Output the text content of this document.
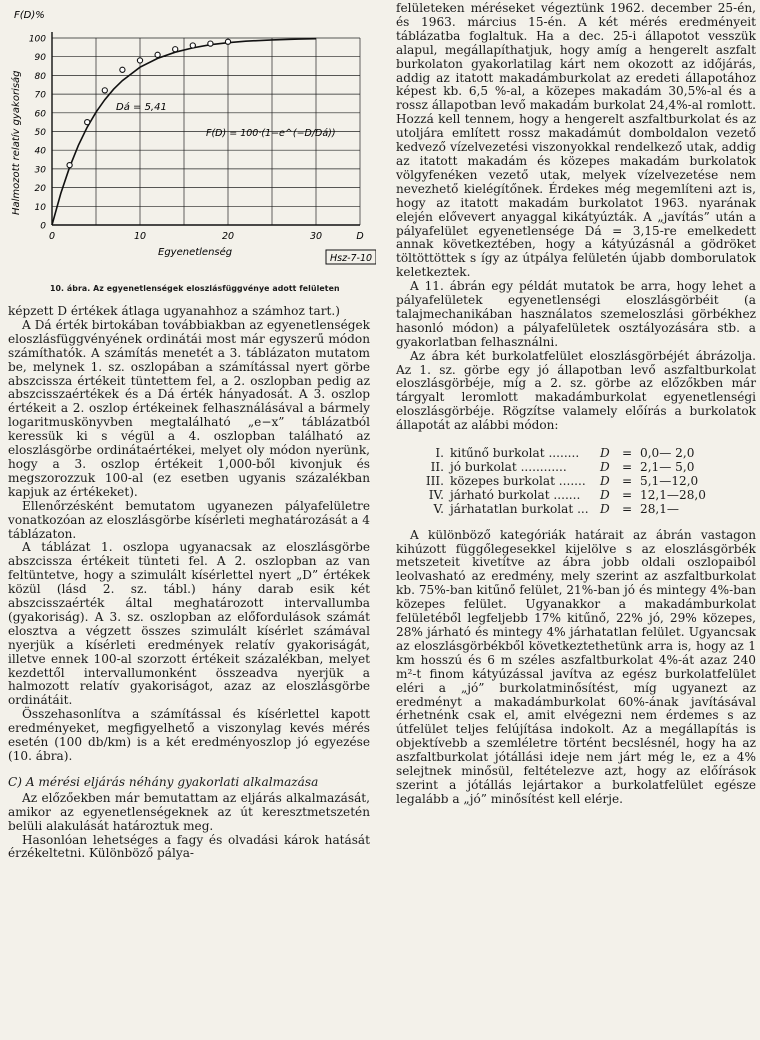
0
10
20
30
40
50
60
70
80
90
100
0	10	20	30	D
F(D)%
Halmozott relatív gyakoriság
Egyenetlenség
Dá = 5,41
F(D) = 100·(1−e^(−D/Dá))
Hsz-7-10
10. ábra. Az egyenetlenségek eloszlásfüggvénye adott felületen

képzett D értékek átlaga ugyanahhoz a számhoz tart.)

A Dá érték birtokában továbbiakban az egyenetlenségek eloszlásfüggvényének ordinátái most már egyszerű módon számíthatók. A számítás menetét a 3. táblázaton mutatom be, melynek 1. sz. oszlopában a számítással nyert görbe abszcissza értékeit tüntettem fel, a 2. oszlopban pedig az abszcisszaértékek és a Dá érték hányadosát. A 3. oszlop értékeit a 2. oszlop értékeinek felhasználásával a bármely logaritmuskönyvben megtalálható „e−x” táblázatból keressük ki s végül a 4. oszlopban található az eloszlásgörbe ordinátaértékei, melyet oly módon nyerünk, hogy a 3. oszlop értékeit 1,000-ből kivonjuk és megszorozzuk 100-al (ez esetben ugyanis százalékban kapjuk az értékeket).

Ellenőrzésként bemutatom ugyanezen pályafelületre vonatkozóan az eloszlásgörbe kísérleti meghatározását a 4 táblázaton.

A táblázat 1. oszlopa ugyanacsak az eloszlásgörbe abszcissza értékeit tünteti fel. A 2. oszlopban az van feltüntetve, hogy a szimulált kísérlettel nyert „D” értékek közül (lásd 2. sz. tábl.) hány darab esik két abszcisszaérték által meghatározott intervallumba (gyakoriság). A 3. sz. oszlopban az előfordulások számát elosztva a végzett összes szimulált kísérlet számával nyerjük a kísérleti eredmények relatív gyakoriságát, illetve ennek 100-al szorzott értékeit százalékban, melyet kezdettől intervallumonként összeadva nyerjük a halmozott relatív gyakoriságot, azaz az eloszlásgörbe ordinátáit.

Összehasonlítva a számítással és kísérlettel kapott eredményeket, megfigyelhető a viszonylag kevés mérés esetén (100 db/km) is a két eredményoszlop jó egyezése (10. ábra).

C) A mérési eljárás néhány gyakorlati alkalmazása

Az előzőekben már bemutattam az eljárás alkalmazását, amikor az egyenetlenségeknek az út keresztmetszetén belüli alakulását határoztuk meg.

Hasonlóan lehetséges a fagy és olvadási károk hatását érzékeltetni. Különböző pálya-

felületeken méréseket végeztünk 1962. december 25-én, és 1963. március 15-én. A két mérés eredményeit táblázatba foglaltuk. Ha a dec. 25-i állapotot vesszük alapul, megállapíthatjuk, hogy amíg a hengerelt aszfalt burkolaton gyakorlatilag kárt nem okozott az időjárás, addig az itatott makadámburkolat az eredeti állapotához képest kb. 6,5 %-al, a közepes makadám 30,5%-al és a rossz állapotban levő makadám burkolat 24,4%-al romlott. Hozzá kell tennem, hogy a hengerelt aszfaltburkolat és az utoljára említett rossz makadámút domboldalon vezető kedvező vízelvezetési viszonyokkal rendelkező utak, addig az itatott makadám és közepes makadám burkolatok völgyfenéken vezető utak, melyek vízelvezetése nem nevezhető kielégítőnek. Érdekes még megemlíteni azt is, hogy az itatott makadám burkolatot 1963. nyarának elején elővevert anyaggal kikátyúzták. A „javítás” után a pályafelület egyenetlensége Dá = 3,15-re emelkedett annak következtében, hogy a kátyúzásnál a gödröket töltöttöttek s így az útpálya felületén újabb domborulatok keletkeztek.

A 11. ábrán egy példát mutatok be arra, hogy lehet a pályafelületek egyenetlenségi eloszlásgörbéit (a talajmechanikában használatos szemeloszlási görbékhez hasonló módon) a pályafelületek osztályozására stb. a gyakorlatban felhasználni.

Az ábra két burkolatfelület eloszlásgörbéjét ábrázolja. Az 1. sz. görbe egy jó állapotban levő aszfaltburkolat eloszlásgörbéje, míg a 2. sz. görbe az előzőkben már tárgyalt leromlott makadámburkolat egyenetlenségi eloszlásgörbéje. Rögzítse valamely előírás a burkolatok állapotát az alábbi módon:

I. kitűnő burkolat ........	D	= 0,0— 2,0
II. jó burkolat ............	D	= 2,1— 5,0
III. közepes burkolat .......	D	= 5,1—12,0
IV. járható burkolat .......	D	= 12,1—28,0
V. járhatatlan burkolat ... D	= 28,1—

A különböző kategóriák határait az ábrán vastagon kihúzott függőlegesekkel kijelölve s az eloszlásgörbék metszeteit kivetítve az ábra jobb oldali oszlopaiból leolvasható az eredmény, mely szerint az aszfaltburkolat kb. 75%-ban kitűnő felület, 21%-ban jó és mintegy 4%-ban közepes felület. Ugyanakkor a makadámburkolat felületéből legfeljebb 17% kitűnő, 22% jó, 29% közepes, 28% járható és mintegy 4% járhatatlan felület. Ugyancsak az eloszlásgörbékből következtethetünk arra is, hogy az 1 km hosszú és 6 m széles aszfaltburkolat 4%-át azaz 240 m²-t finom kátyúzással javítva az egész burkolatfelület eléri a „jó” burkolatminősítést, míg ugyanezt az eredményt a makadámburkolat 60%-ának javításával érhetnénk csak el, amit elvégezni nem érdemes s az útfelület teljes felújítása indokolt. Az a megállapítás is objektívebb a szemléletre történt becslésnél, hogy ha az aszfaltburkolat jótállási ideje nem járt még le, ez a 4% selejtnek minősül, feltételezve azt, hogy az előírások szerint a jótállás lejártakor a burkolatfelület egésze legalább a „jó” minősítést kell elérje.
